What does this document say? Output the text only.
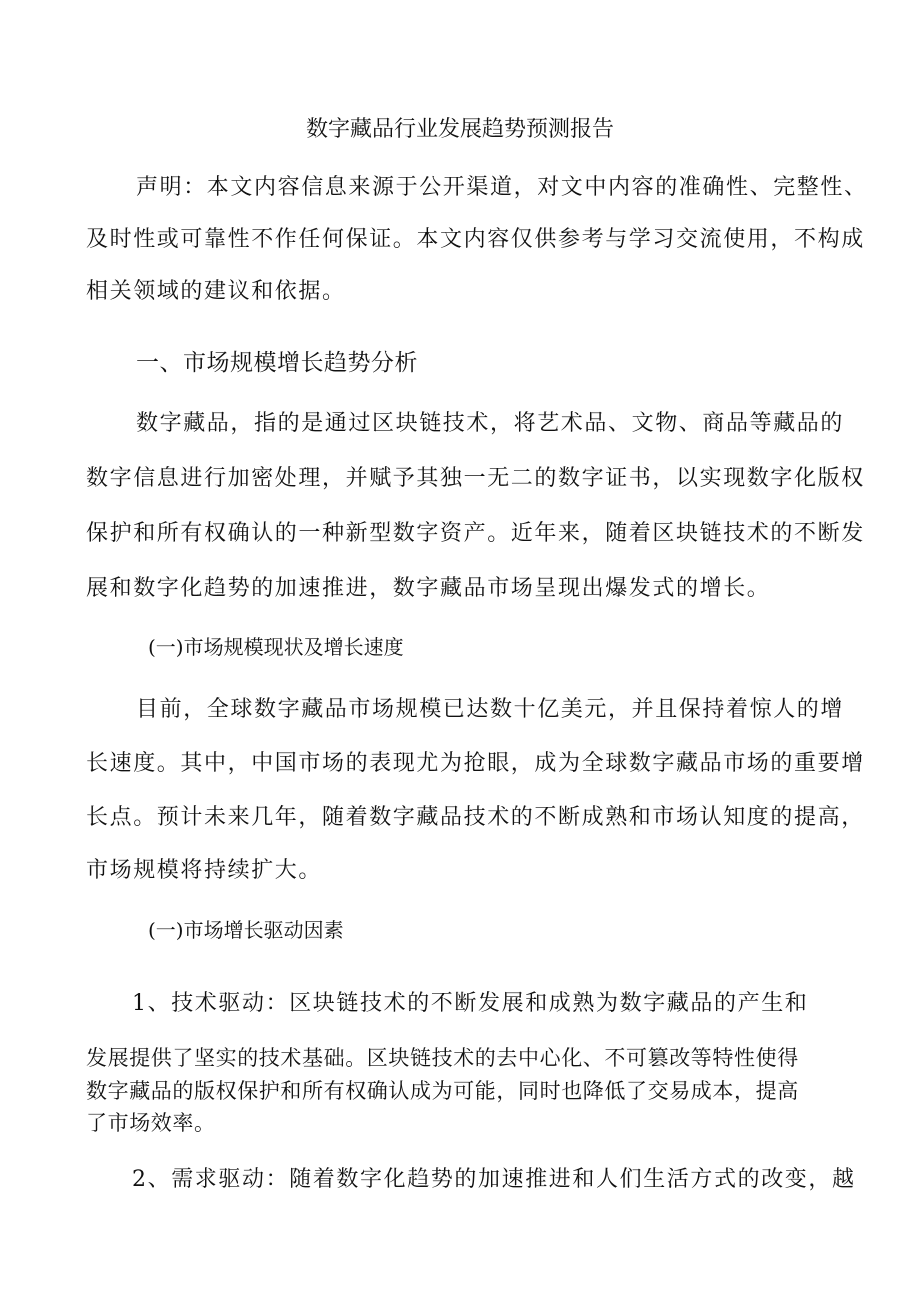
数字藏品行业发展趋势预测报告

声明：本文内容信息来源于公开渠道，对文中内容的准确性、完整性、

及时性或可靠性不作任何保证。本文内容仅供参考与学习交流使用，不构成

相关领域的建议和依据。

一、市场规模增长趋势分析

数字藏品，指的是通过区块链技术，将艺术品、文物、商品等藏品的

数字信息进行加密处理，并赋予其独一无二的数字证书，以实现数字化版权

保护和所有权确认的一种新型数字资产。近年来，随着区块链技术的不断发

展和数字化趋势的加速推进，数字藏品市场呈现出爆发式的增长。

(一)市场规模现状及增长速度

目前，全球数字藏品市场规模已达数十亿美元，并且保持着惊人的增

长速度。其中，中国市场的表现尤为抢眼，成为全球数字藏品市场的重要增

长点。预计未来几年，随着数字藏品技术的不断成熟和市场认知度的提高，

市场规模将持续扩大。

(一)市场增长驱动因素

1、技术驱动：区块链技术的不断发展和成熟为数字藏品的产生和

发展提供了坚实的技术基础。区块链技术的去中心化、不可篡改等特性使得

数字藏品的版权保护和所有权确认成为可能，同时也降低了交易成本，提高

了市场效率。

2、需求驱动：随着数字化趋势的加速推进和人们生活方式的改变，越
